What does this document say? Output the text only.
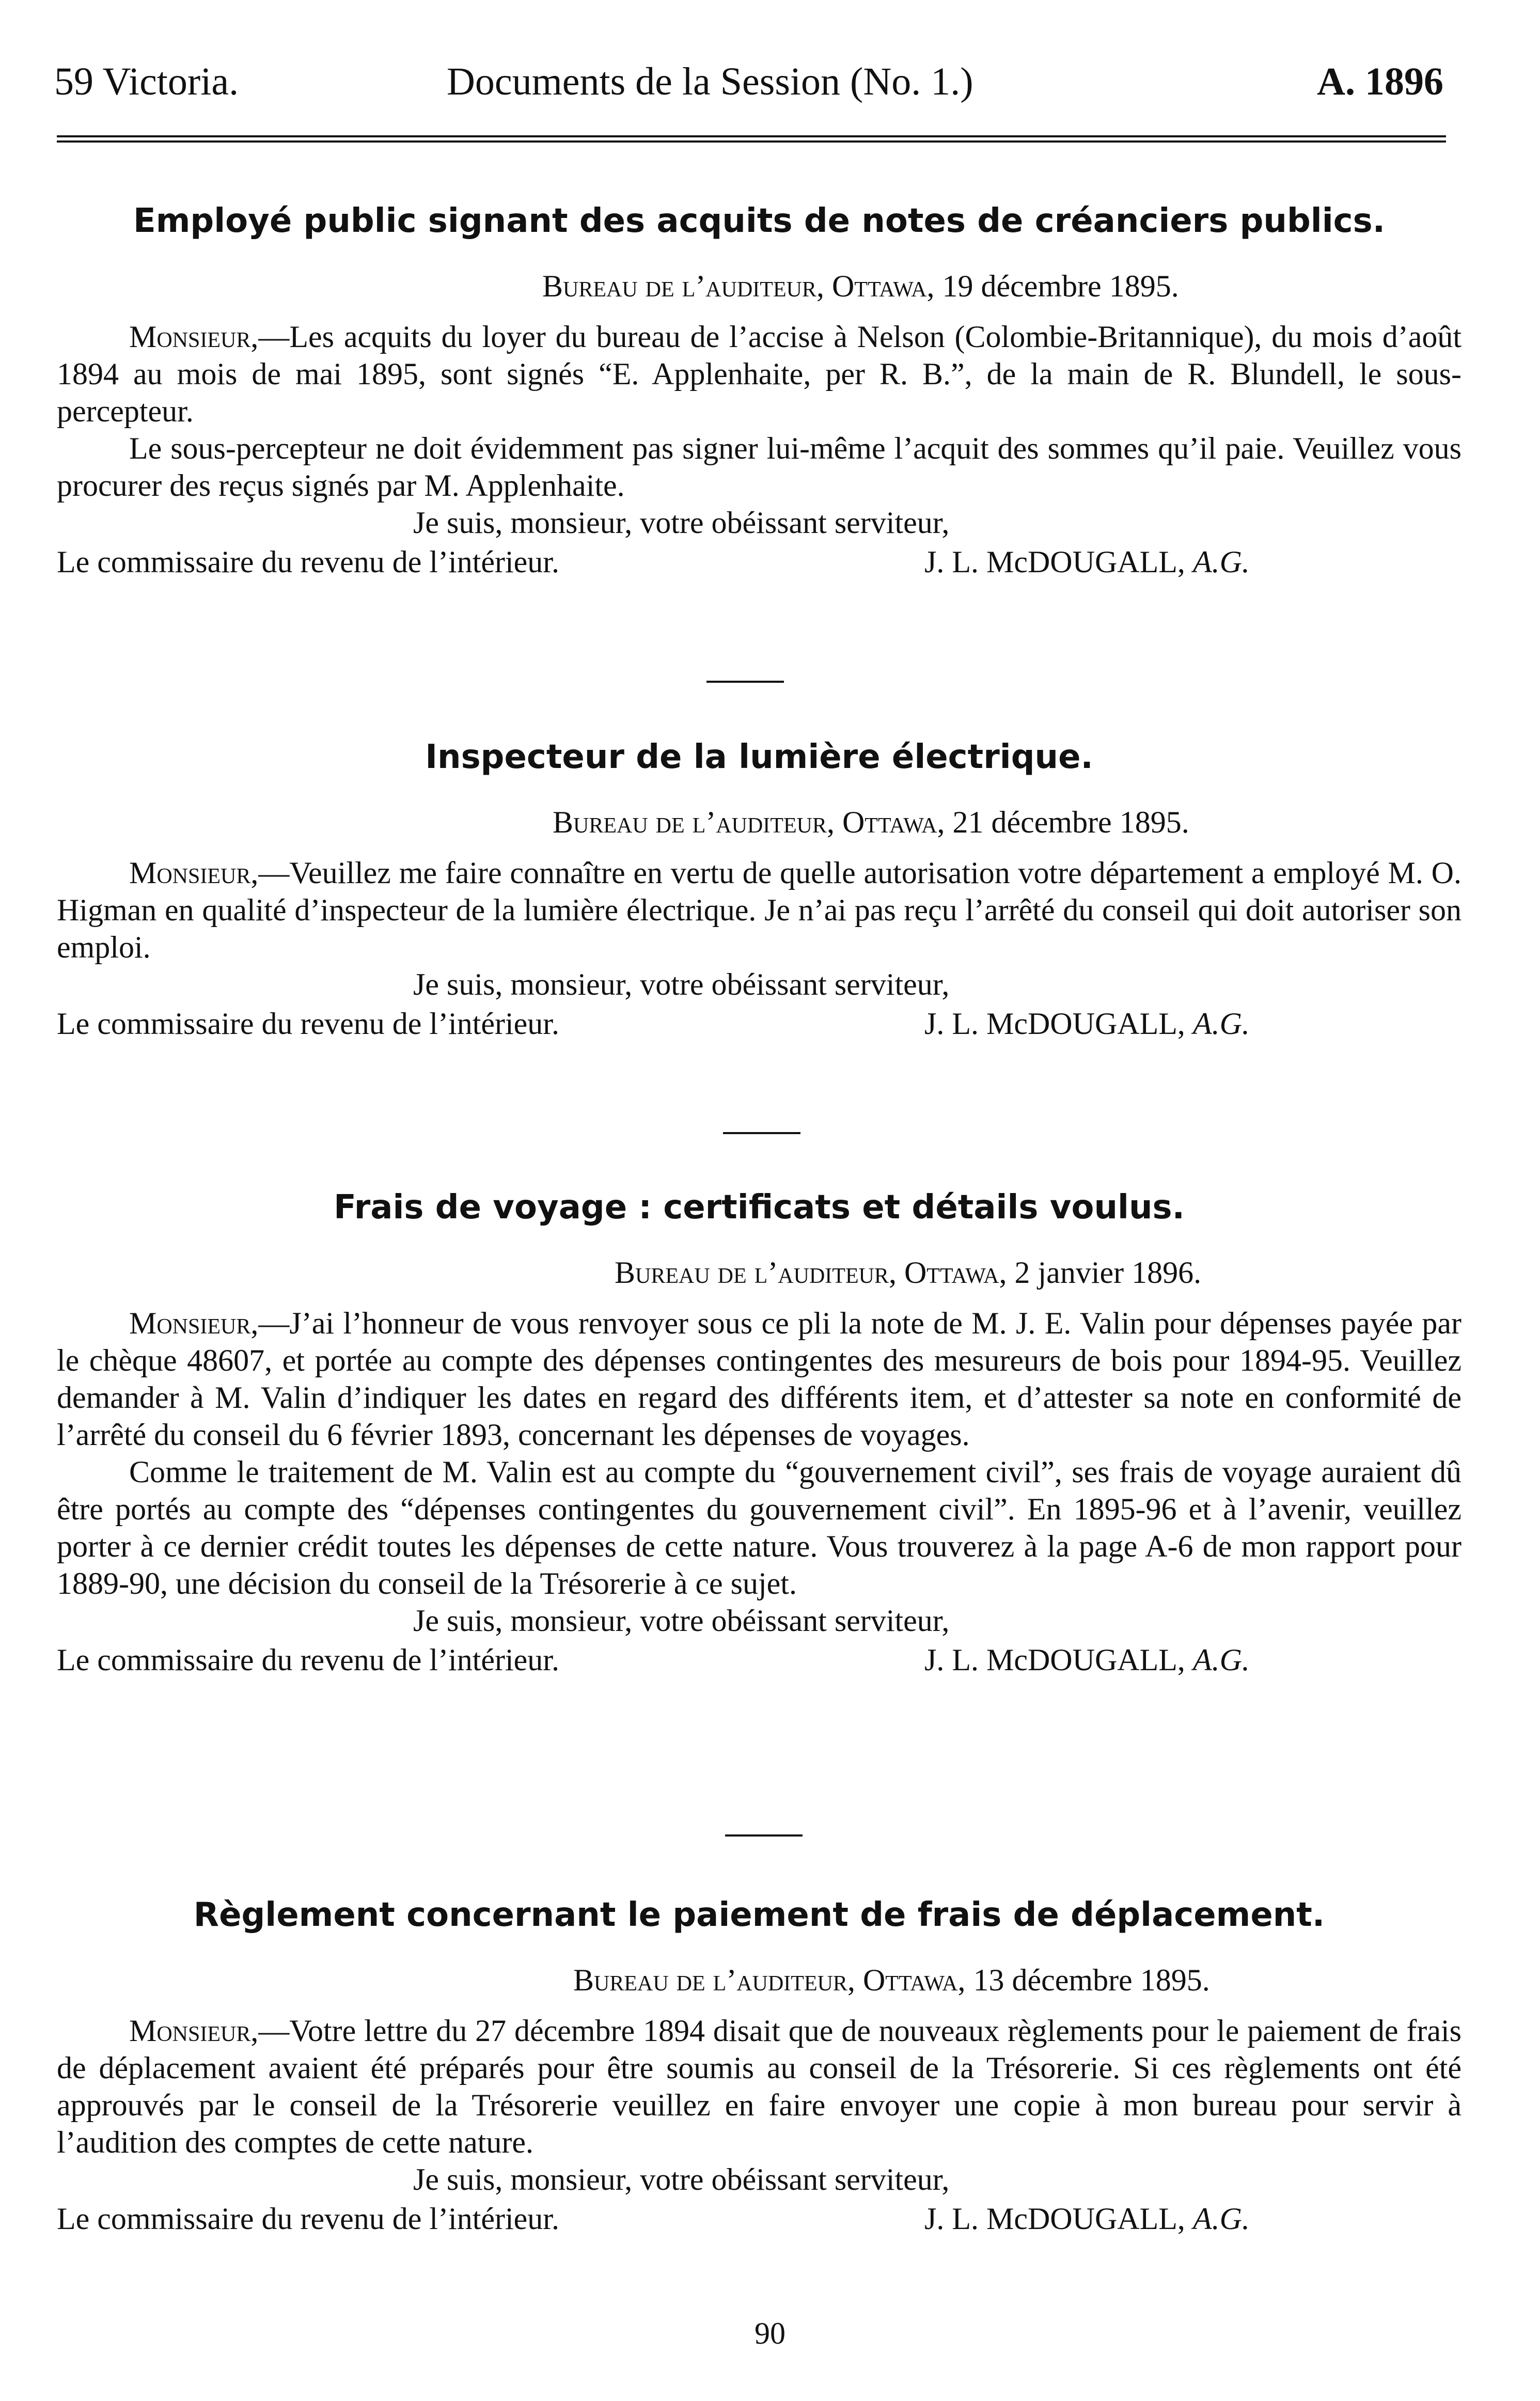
59 Victoria.	Documents de la Session (No. 1.)	A. 1896
Employé public signant des acquits de notes de créanciers publics.
Bureau de l’auditeur, Ottawa, 19 décembre 1895.

Monsieur,—Les acquits du loyer du bureau de l’accise à Nelson (Colombie-Britannique), du mois d’août 1894 au mois de mai 1895, sont signés “E. Applenhaite, per R. B.”, de la main de R. Blundell, le sous-percepteur.

Le sous-percepteur ne doit évidemment pas signer lui-même l’acquit des sommes qu’il paie. Veuillez vous procurer des reçus signés par M. Applenhaite.

Je suis, monsieur, votre obéissant serviteur,
Le commissaire du revenu de l’intérieur.	J. L. McDOUGALL, A.G.
Inspecteur de la lumière électrique.
Bureau de l’auditeur, Ottawa, 21 décembre 1895.

Monsieur,—Veuillez me faire connaître en vertu de quelle autorisation votre département a employé M. O. Higman en qualité d’inspecteur de la lumière électrique. Je n’ai pas reçu l’arrêté du conseil qui doit autoriser son emploi.

Je suis, monsieur, votre obéissant serviteur,
Le commissaire du revenu de l’intérieur.	J. L. McDOUGALL, A.G.
Frais de voyage : certificats et détails voulus.
Bureau de l’auditeur, Ottawa, 2 janvier 1896.

Monsieur,—J’ai l’honneur de vous renvoyer sous ce pli la note de M. J. E. Valin pour dépenses payée par le chèque 48607, et portée au compte des dépenses contingentes des mesureurs de bois pour 1894-95. Veuillez demander à M. Valin d’indiquer les dates en regard des différents item, et d’attester sa note en conformité de l’arrêté du conseil du 6 février 1893, concernant les dépenses de voyages.

Comme le traitement de M. Valin est au compte du “gouvernement civil”, ses frais de voyage auraient dû être portés au compte des “dépenses contingentes du gouvernement civil”. En 1895-96 et à l’avenir, veuillez porter à ce dernier crédit toutes les dépenses de cette nature. Vous trouverez à la page A-6 de mon rapport pour 1889-90, une décision du conseil de la Trésorerie à ce sujet.

Je suis, monsieur, votre obéissant serviteur,
Le commissaire du revenu de l’intérieur.	J. L. McDOUGALL, A.G.
Règlement concernant le paiement de frais de déplacement.
Bureau de l’auditeur, Ottawa, 13 décembre 1895.

Monsieur,—Votre lettre du 27 décembre 1894 disait que de nouveaux règlements pour le paiement de frais de déplacement avaient été préparés pour être soumis au conseil de la Trésorerie. Si ces règlements ont été approuvés par le conseil de la Trésorerie veuillez en faire envoyer une copie à mon bureau pour servir à l’audition des comptes de cette nature.

Je suis, monsieur, votre obéissant serviteur,
Le commissaire du revenu de l’intérieur.	J. L. McDOUGALL, A.G.
90
